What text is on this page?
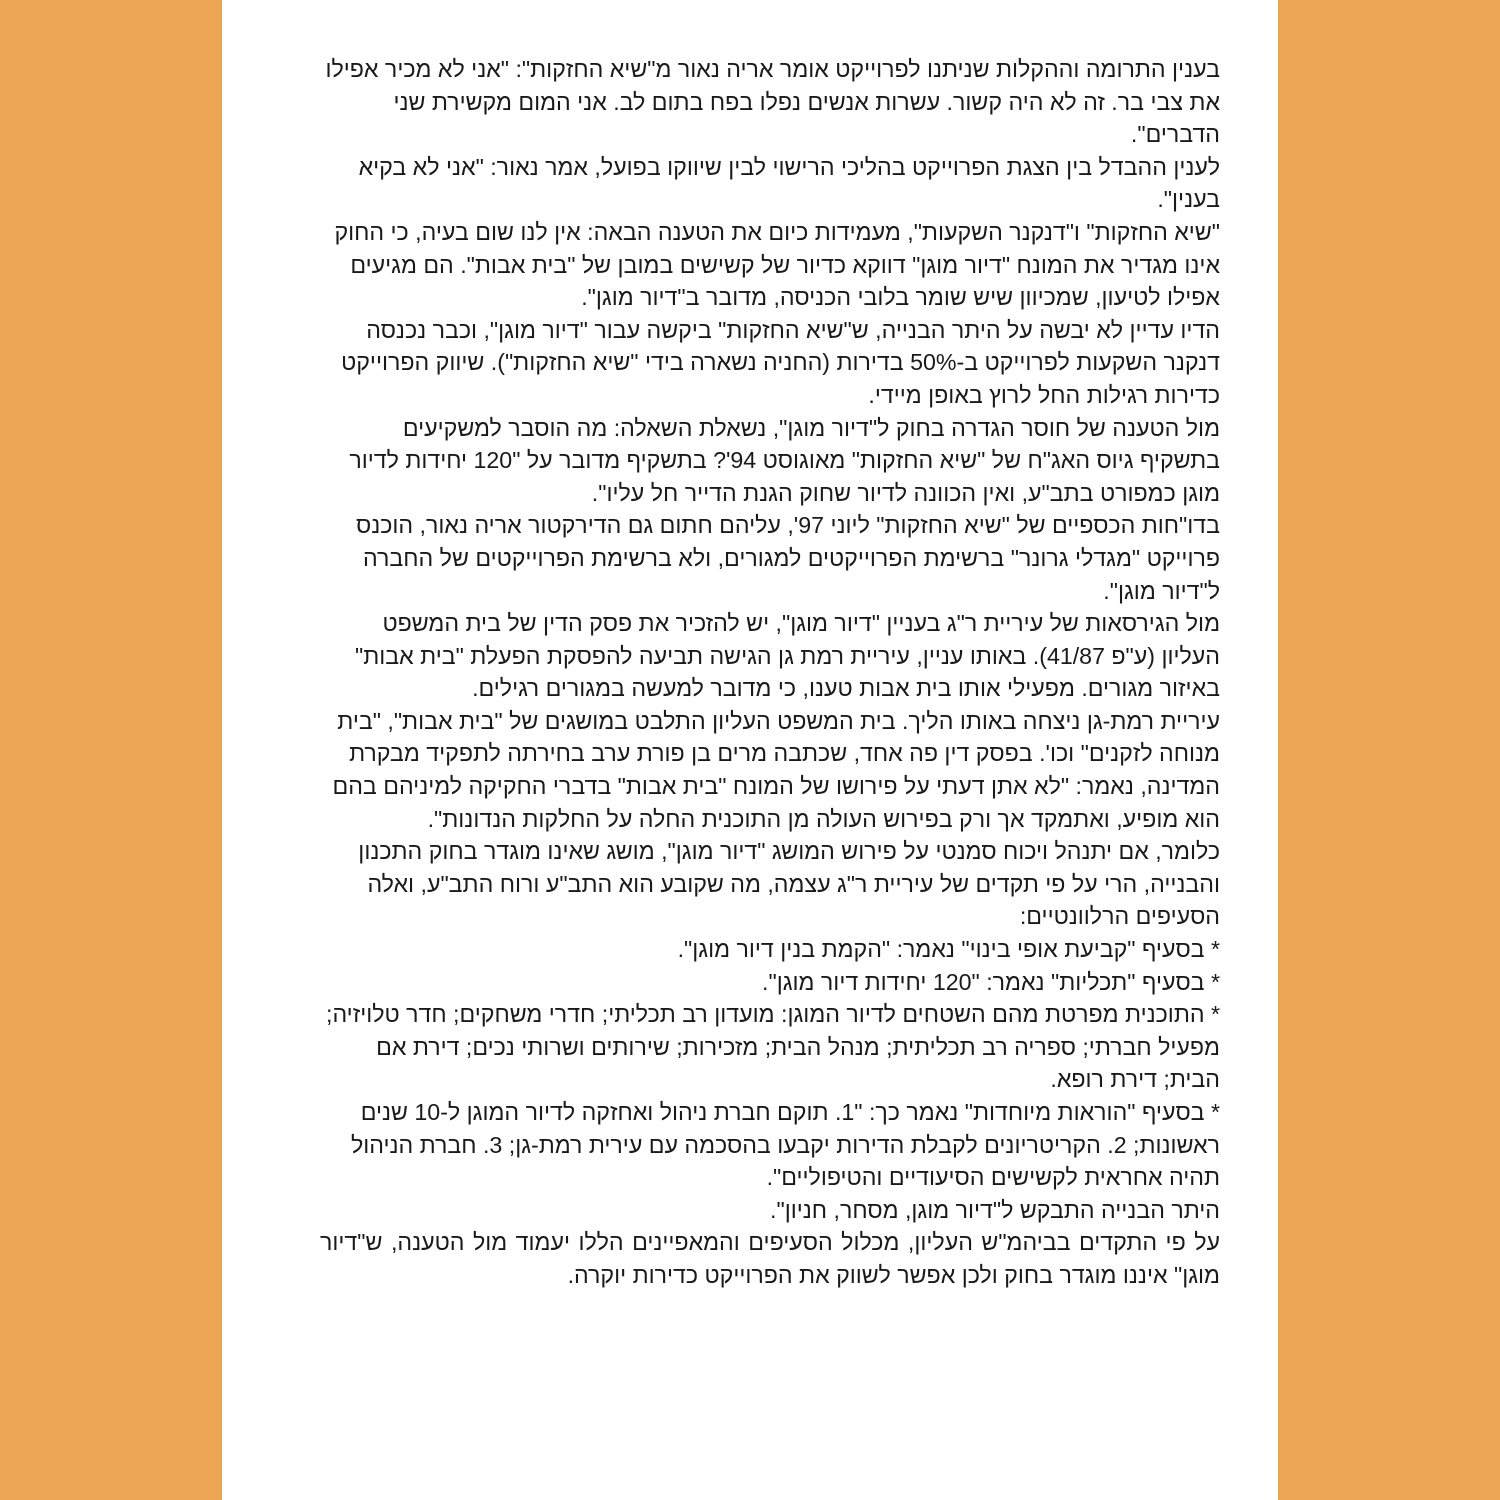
בענין התרומה וההקלות שניתנו לפרוייקט אומר אריה נאור מ"שיא החזקות": "אני לא מכיר אפילו את צבי בר. זה לא היה קשור. עשרות אנשים נפלו בפח בתום לב. אני המום מקשירת שני הדברים".

לענין ההבדל בין הצגת הפרוייקט בהליכי הרישוי לבין שיווקו בפועל, אמר נאור: "אני לא בקיא בענין".

"שיא החזקות" ו"דנקנר השקעות", מעמידות כיום את הטענה הבאה: אין לנו שום בעיה, כי החוק אינו מגדיר את המונח "דיור מוגן" דווקא כדיור של קשישים במובן של "בית אבות". הם מגיעים אפילו לטיעון, שמכיוון שיש שומר בלובי הכניסה, מדובר ב"דיור מוגן".

הדיו עדיין לא יבשה על היתר הבנייה, ש"שיא החזקות" ביקשה עבור "דיור מוגן", וכבר נכנסה דנקנר השקעות לפרוייקט ב-50% בדירות (החניה נשארה בידי "שיא החזקות"). שיווק הפרוייקט כדירות רגילות החל לרוץ באופן מיידי.

מול הטענה של חוסר הגדרה בחוק ל"דיור מוגן", נשאלת השאלה: מה הוסבר למשקיעים בתשקיף גיוס האג"ח של "שיא החזקות" מאוגוסט 94'? בתשקיף מדובר על "120 יחידות לדיור מוגן כמפורט בתב"ע, ואין הכוונה לדיור שחוק הגנת הדייר חל עליו".

בדו"חות הכספיים של "שיא החזקות" ליוני 97', עליהם חתום גם הדירקטור אריה נאור, הוכנס פרוייקט "מגדלי גרונר" ברשימת הפרוייקטים למגורים, ולא ברשימת הפרוייקטים של החברה ל"דיור מוגן".

מול הגירסאות של עיריית ר"ג בעניין "דיור מוגן", יש להזכיר את פסק הדין של בית המשפט העליון (ע"פ 41/87). באותו עניין, עיריית רמת גן הגישה תביעה להפסקת הפעלת "בית אבות" באיזור מגורים. מפעילי אותו בית אבות טענו, כי מדובר למעשה במגורים רגילים.

עיריית רמת-גן ניצחה באותו הליך. בית המשפט העליון התלבט במושגים של "בית אבות", "בית מנוחה לזקנים" וכו'. בפסק דין פה אחד, שכתבה מרים בן פורת ערב בחירתה לתפקיד מבקרת המדינה, נאמר: "לא אתן דעתי על פירושו של המונח "בית אבות" בדברי החקיקה למיניהם בהם הוא מופיע, ואתמקד אך ורק בפירוש העולה מן התוכנית החלה על החלקות הנדונות".

כלומר, אם יתנהל ויכוח סמנטי על פירוש המושג "דיור מוגן", מושג שאינו מוגדר בחוק התכנון והבנייה, הרי על פי תקדים של עיריית ר"ג עצמה, מה שקובע הוא התב"ע ורוח התב"ע, ואלה הסעיפים הרלוונטיים:

* בסעיף "קביעת אופי בינוי" נאמר: "הקמת בנין דיור מוגן".

* בסעיף "תכליות" נאמר: "120 יחידות דיור מוגן".

* התוכנית מפרטת מהם השטחים לדיור המוגן: מועדון רב תכליתי; חדרי משחקים; חדר טלויזיה; מפעיל חברתי; ספריה רב תכליתית; מנהל הבית; מזכירות; שירותים ושרותי נכים; דירת אם הבית; דירת רופא.

* בסעיף "הוראות מיוחדות" נאמר כך: "1. תוקם חברת ניהול ואחזקה לדיור המוגן ל-10 שנים ראשונות; 2. הקריטריונים לקבלת הדירות יקבעו בהסכמה עם עירית רמת-גן; 3. חברת הניהול תהיה אחראית לקשישים הסיעודיים והטיפוליים".

היתר הבנייה התבקש ל"דיור מוגן, מסחר, חניון".

על פי התקדים בביהמ"ש העליון, מכלול הסעיפים והמאפיינים הללו יעמוד מול הטענה, ש"דיור מוגן" איננו מוגדר בחוק ולכן אפשר לשווק את הפרוייקט כדירות יוקרה.
